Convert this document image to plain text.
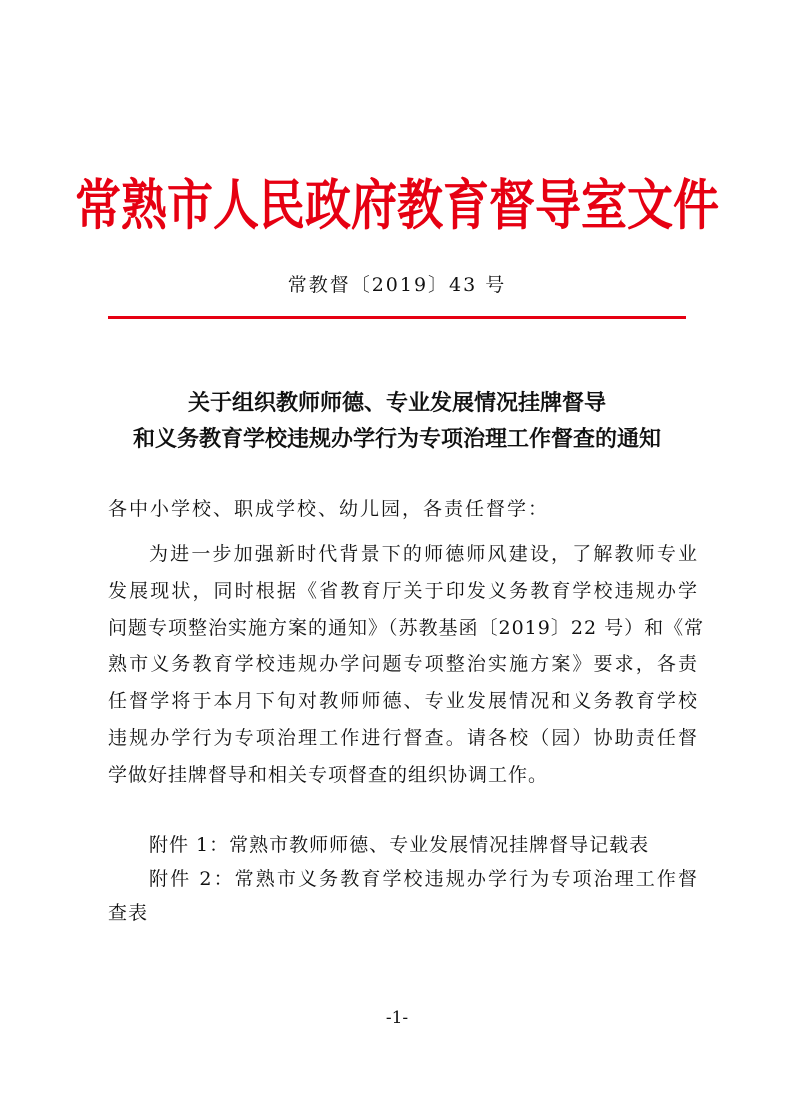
常熟市人民政府教育督导室文件
常教督〔2019〕43 号
关于组织教师师德、专业发展情况挂牌督导
和义务教育学校违规办学行为专项治理工作督查的通知
各中小学校、职成学校、幼儿园，各责任督学：
为进一步加强新时代背景下的师德师风建设，了解教师专业
发展现状，同时根据《省教育厅关于印发义务教育学校违规办学
问题专项整治实施方案的通知》（苏教基函〔2019〕22 号）和《常
熟市义务教育学校违规办学问题专项整治实施方案》要求，各责
任督学将于本月下旬对教师师德、专业发展情况和义务教育学校
违规办学行为专项治理工作进行督查。请各校（园）协助责任督
学做好挂牌督导和相关专项督查的组织协调工作。
附件 1：常熟市教师师德、专业发展情况挂牌督导记载表
附件 2：常熟市义务教育学校违规办学行为专项治理工作督
查表
-1-
